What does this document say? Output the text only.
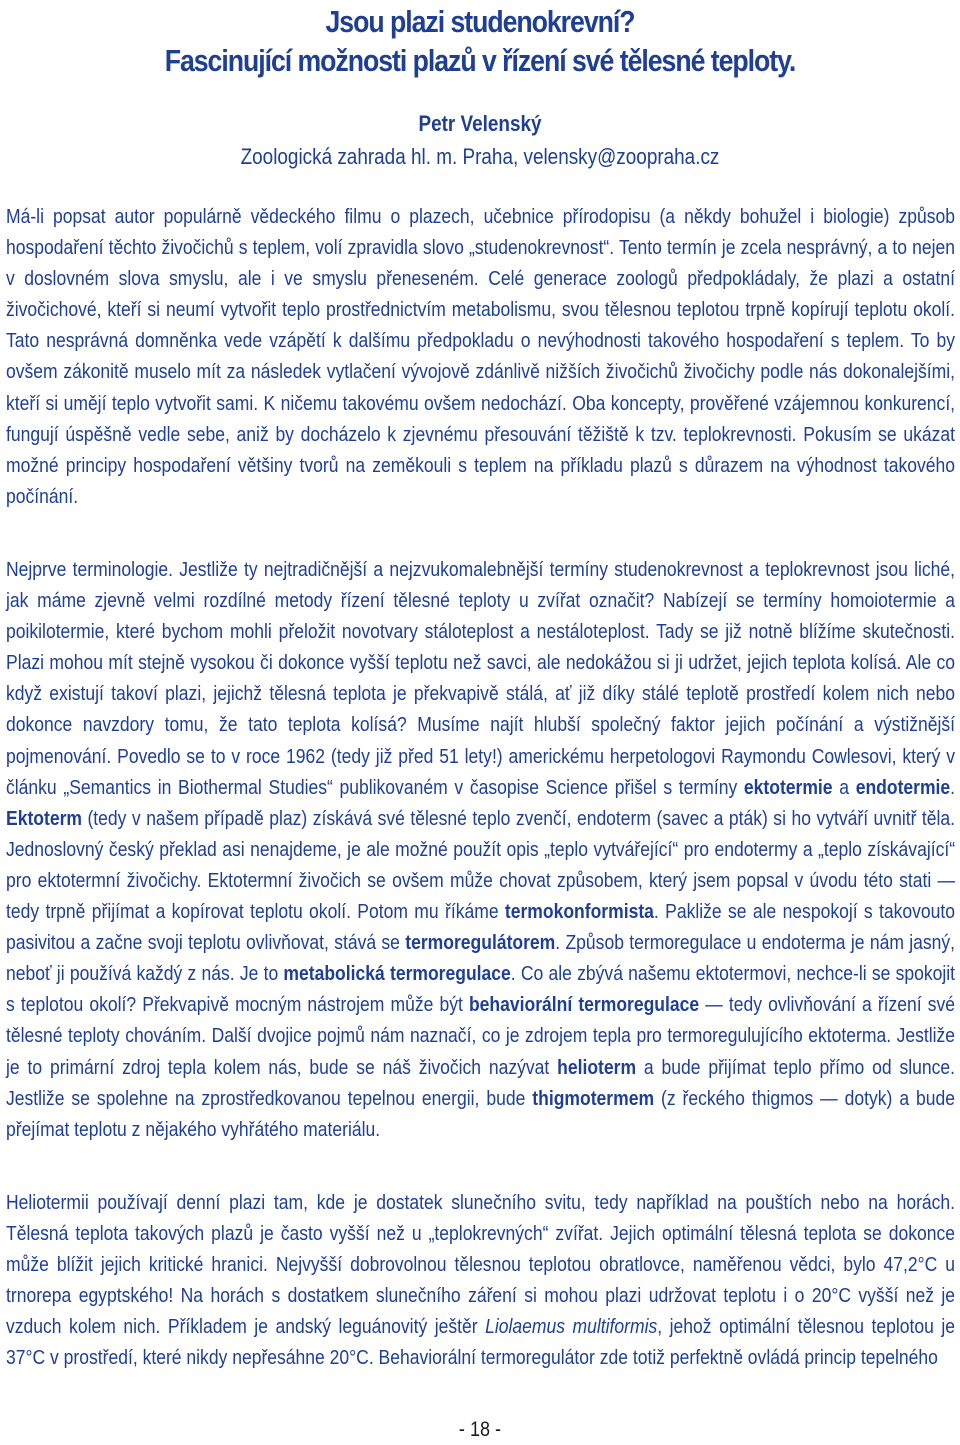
Jsou plazi studenokrevní?
Fascinující možnosti plazů v řízení své tělesné teploty.
Petr Velenský
Zoologická zahrada hl. m. Praha, velensky@zoopraha.cz

Má-li popsat autor populárně vědeckého filmu o plazech, učebnice přírodopisu (a někdy bohužel i biologie) způsob hospodaření těchto živočichů s teplem, volí zpravidla slovo „studenokrevnost“. Tento termín je zcela nesprávný, a to nejen v doslovném slova smyslu, ale i ve smyslu přeneseném. Celé generace zoologů předpokládaly, že plazi a ostatní živočichové, kteří si neumí vytvořit teplo prostřednictvím metabolismu, svou tělesnou teplotou trpně kopírují teplotu okolí. Tato nesprávná domněnka vede vzápětí k dalšímu předpokladu o nevýhodnosti takového hospodaření s teplem. To by ovšem zákonitě muselo mít za následek vytlačení vývojově zdánlivě nižších živočichů živočichy podle nás dokonalejšími, kteří si umějí teplo vytvořit sami. K ničemu takovému ovšem nedochází. Oba koncepty, prověřené vzájemnou konkurencí, fungují úspěšně vedle sebe, aniž by docházelo k zjevnému přesouvání těžiště k tzv. teplokrevnosti. Pokusím se ukázat možné principy hospodaření většiny tvorů na zeměkouli s teplem na příkladu plazů s důrazem na výhodnost takového počínání.

Nejprve terminologie. Jestliže ty nejtradičnější a nejzvukomalebnější termíny studenokrevnost a teplokrevnost jsou liché, jak máme zjevně velmi rozdílné metody řízení tělesné teploty u zvířat označit? Nabízejí se termíny homoiotermie a poikilotermie, které bychom mohli přeložit novotvary stáloteplost a nestáloteplost. Tady se již notně blížíme skutečnosti. Plazi mohou mít stejně vysokou či dokonce vyšší teplotu než savci, ale nedokážou si ji udržet, jejich teplota kolísá. Ale co když existují takoví plazi, jejichž tělesná teplota je překvapivě stálá, ať již díky stálé teplotě prostředí kolem nich nebo dokonce navzdory tomu, že tato teplota kolísá? Musíme najít hlubší společný faktor jejich počínání a výstižnější pojmenování. Povedlo se to v roce 1962 (tedy již před 51 lety!) americkému herpetologovi Raymondu Cowlesovi, který v článku „Semantics in Biothermal Studies“ publikovaném v časopise Science přišel s termíny ektotermie a endotermie. Ektoterm (tedy v našem případě plaz) získává své tělesné teplo zvenčí, endoterm (savec a pták) si ho vytváří uvnitř těla. Jednoslovný český překlad asi nenajdeme, je ale možné použít opis „teplo vytvářející“ pro endotermy a „teplo získávající“ pro ektotermní živočichy. Ektotermní živočich se ovšem může chovat způsobem, který jsem popsal v úvodu této stati — tedy trpně přijímat a kopírovat teplotu okolí. Potom mu říkáme termokonformista. Pakliže se ale nespokojí s takovouto pasivitou a začne svoji teplotu ovlivňovat, stává se termoregulátorem. Způsob termoregulace u endoterma je nám jasný, neboť ji používá každý z nás. Je to metabolická termoregulace. Co ale zbývá našemu ektotermovi, nechce-li se spokojit s teplotou okolí? Překvapivě mocným nástrojem může být behaviorální termoregulace — tedy ovlivňování a řízení své tělesné teploty chováním. Další dvojice pojmů nám naznačí, co je zdrojem tepla pro termoregulujícího ektoterma. Jestliže je to primární zdroj tepla kolem nás, bude se náš živočich nazývat helioterm a bude přijímat teplo přímo od slunce. Jestliže se spolehne na zprostředkovanou tepelnou energii, bude thigmotermem (z řeckého thigmos — dotyk) a bude přejímat teplotu z nějakého vyhřátého materiálu.

Heliotermii používají denní plazi tam, kde je dostatek slunečního svitu, tedy například na pouštích nebo na horách. Tělesná teplota takových plazů je často vyšší než u „teplokrevných“ zvířat. Jejich optimální tělesná teplota se dokonce může blížit jejich kritické hranici. Nejvyšší dobrovolnou tělesnou teplotou obratlovce, naměřenou vědci, bylo 47,2°C u trnorepa egyptského! Na horách s dostatkem slunečního záření si mohou plazi udržovat teplotu i o 20°C vyšší než je vzduch kolem nich. Příkladem je andský leguánovitý ještěr Liolaemus multiformis, jehož optimální tělesnou teplotou je 37°C v prostředí, které nikdy nepřesáhne 20°C. Behaviorální termoregulátor zde totiž perfektně ovládá princip tepelného

- 18 -
